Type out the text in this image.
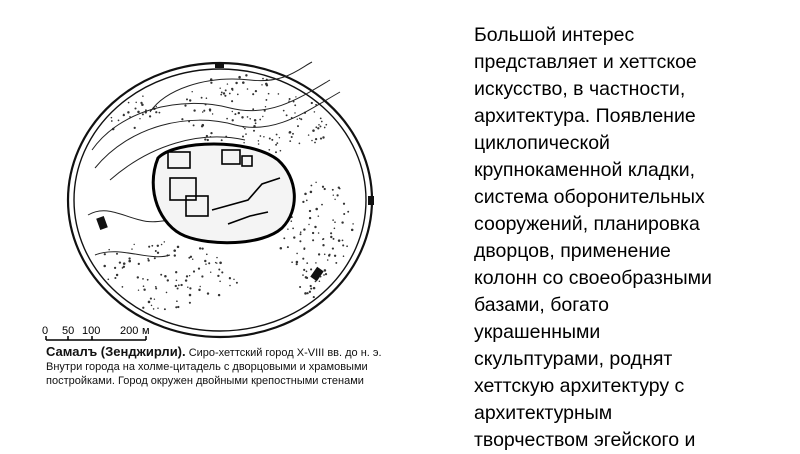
0 50 100 200 м
Самалъ (Зенджирли). Сиро-хеттский город X-VIII вв. до н. э. Внутри города на холме-цитадель с дворцовыми и храмовыми постройками. Город окружен двойными крепостными стенами
Большой интерес
представляет и хеттское
искусство, в частности,
архитектура. Появление
циклопической
крупнокаменной кладки,
система оборонительных
сооружений, планировка
дворцов, применение
колонн со своеобразными
базами, богато
украшенными
скульптурами, роднят
хеттскую архитектуру с
архитектурным
творчеством эгейского и
